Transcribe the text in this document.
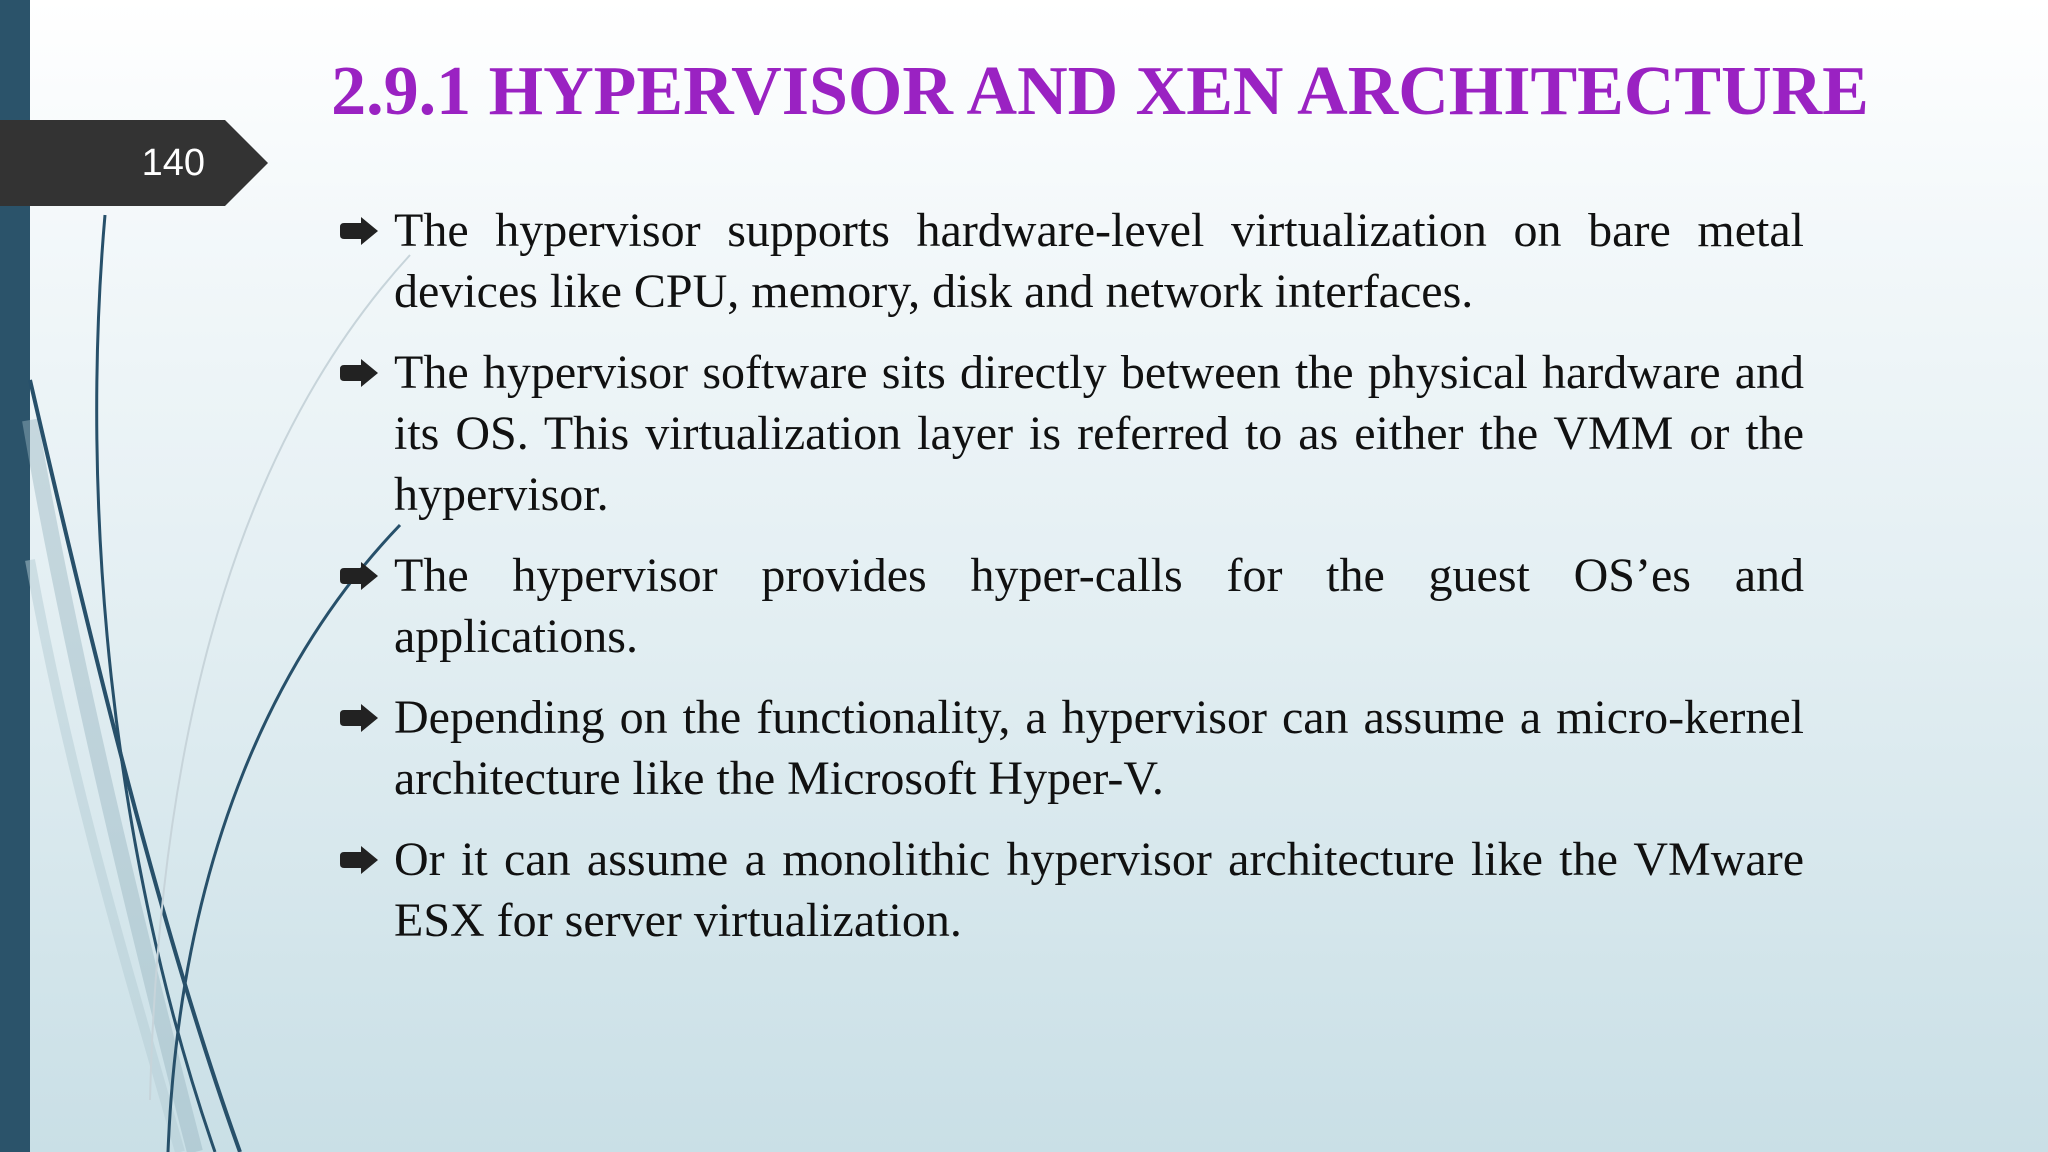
140
2.9.1 HYPERVISOR AND XEN ARCHITECTURE
The hypervisor supports hardware-level virtualization on bare metal devices like CPU, memory, disk and network interfaces.
The hypervisor software sits directly between the physical hardware and its OS. This virtualization layer is referred to as either the VMM or the hypervisor.
The hypervisor provides hyper-calls for the guest OS’es and applications.
Depending on the functionality, a hypervisor can assume a micro-kernel architecture like the Microsoft Hyper-V.
Or it can assume a monolithic hypervisor architecture like the VMware ESX for server virtualization.
